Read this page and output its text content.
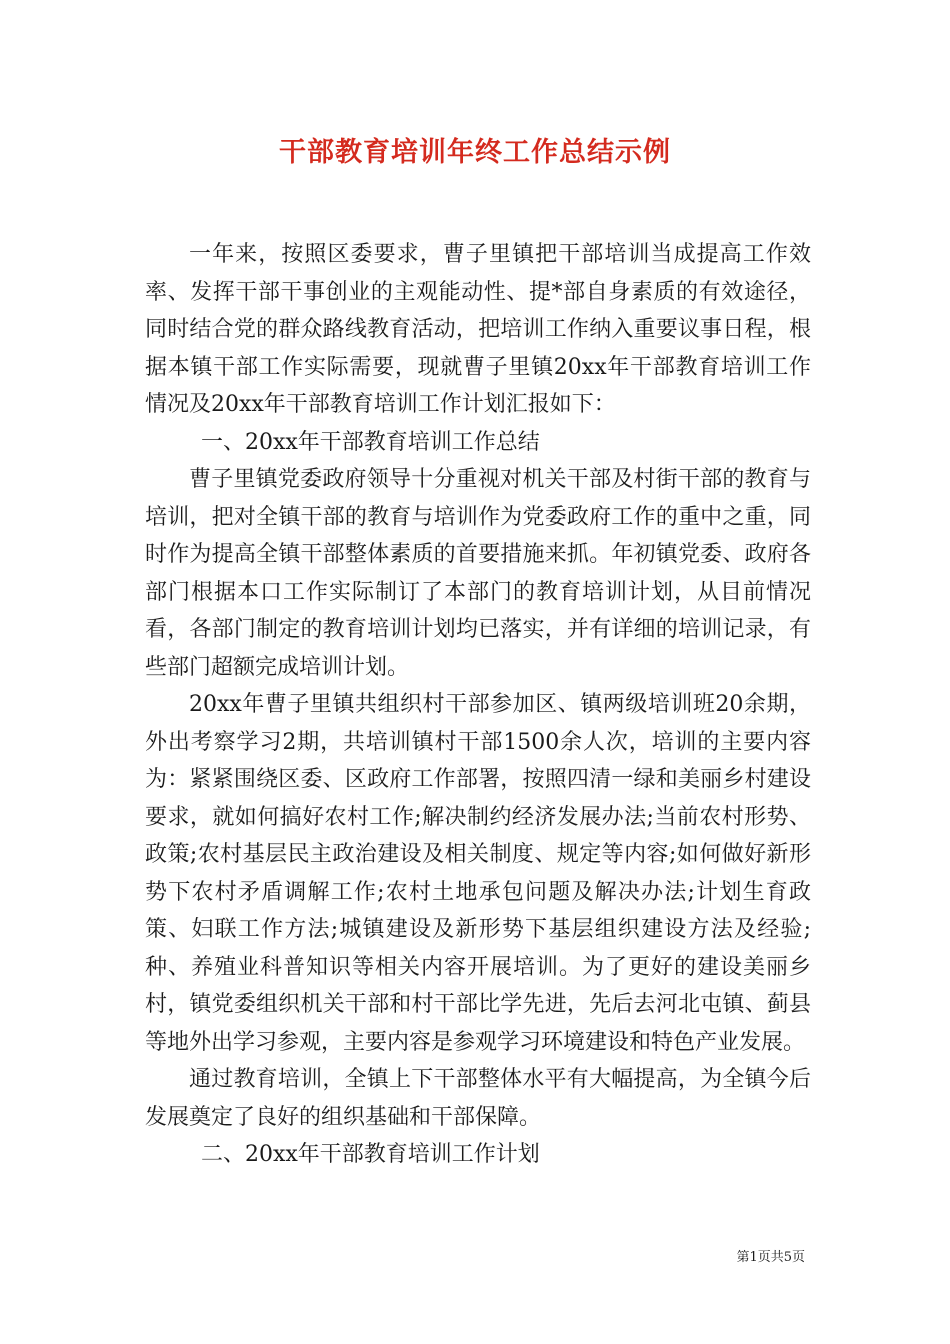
干部教育培训年终工作总结示例

一年来，按照区委要求，曹子里镇把干部培训当成提高工作效率、发挥干部干事创业的主观能动性、提*部自身素质的有效途径，同时结合党的群众路线教育活动，把培训工作纳入重要议事日程，根据本镇干部工作实际需要，现就曹子里镇20xx年干部教育培训工作情况及20xx年干部教育培训工作计划汇报如下：

一、20xx年干部教育培训工作总结

曹子里镇党委政府领导十分重视对机关干部及村街干部的教育与培训，把对全镇干部的教育与培训作为党委政府工作的重中之重，同时作为提高全镇干部整体素质的首要措施来抓。年初镇党委、政府各部门根据本口工作实际制订了本部门的教育培训计划，从目前情况看，各部门制定的教育培训计划均已落实，并有详细的培训记录，有些部门超额完成培训计划。

20xx年曹子里镇共组织村干部参加区、镇两级培训班20余期，外出考察学习2期，共培训镇村干部1500余人次，培训的主要内容为：紧紧围绕区委、区政府工作部署，按照四清一绿和美丽乡村建设要求，就如何搞好农村工作;解决制约经济发展办法;当前农村形势、政策;农村基层民主政治建设及相关制度、规定等内容;如何做好新形势下农村矛盾调解工作;农村土地承包问题及解决办法;计划生育政策、妇联工作方法;城镇建设及新形势下基层组织建设方法及经验;种、养殖业科普知识等相关内容开展培训。为了更好的建设美丽乡村，镇党委组织机关干部和村干部比学先进，先后去河北屯镇、蓟县等地外出学习参观，主要内容是参观学习环境建设和特色产业发展。

通过教育培训，全镇上下干部整体水平有大幅提高，为全镇今后发展奠定了良好的组织基础和干部保障。

二、20xx年干部教育培训工作计划

第1页共5页
